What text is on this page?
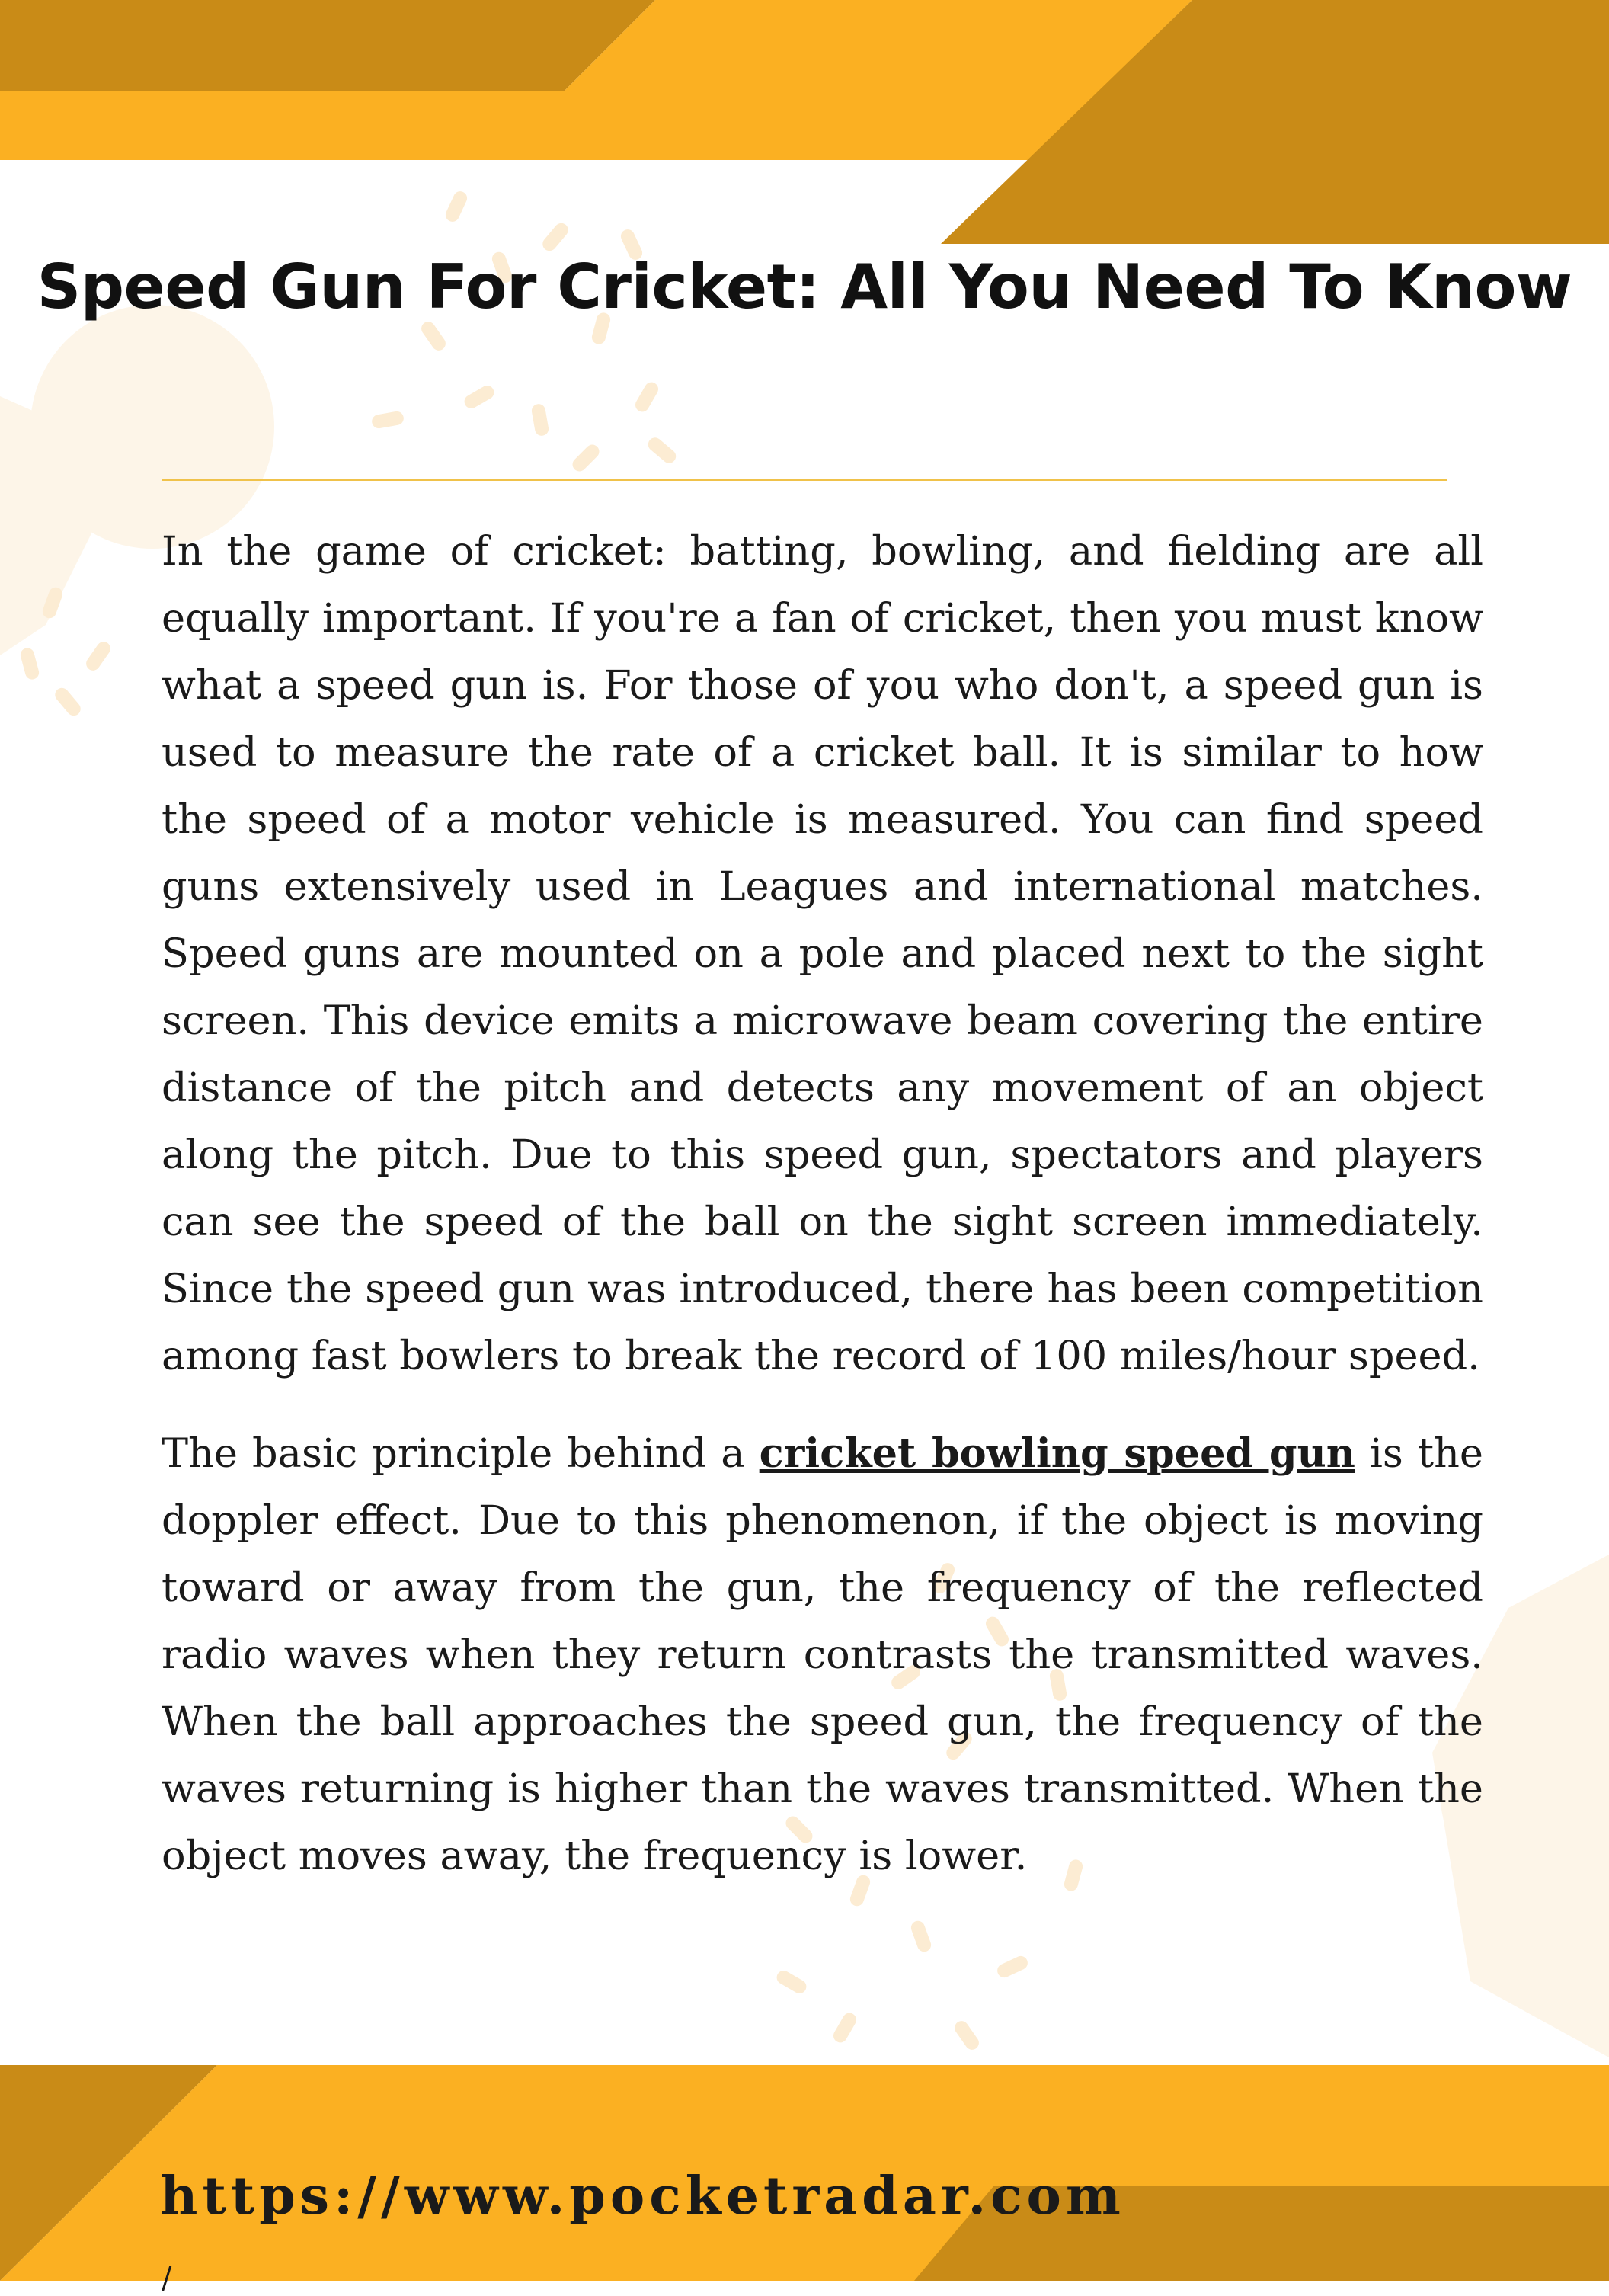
Speed Gun For Cricket: All You Need To Know

In the game of cricket: batting, bowling, and fielding are all equally important. If you're a fan of cricket, then you must know what a speed gun is. For those of you who don't, a speed gun is used to measure the rate of a cricket ball. It is similar to how the speed of a motor vehicle is measured. You can find speed guns extensively used in Leagues and international matches. Speed guns are mounted on a pole and placed next to the sight screen. This device emits a microwave beam covering the entire distance of the pitch and detects any movement of an object along the pitch. Due to this speed gun, spectators and players can see the speed of the ball on the sight screen immediately. Since the speed gun was introduced, there has been competition among fast bowlers to break the record of 100 miles/hour speed.

The basic principle behind a cricket bowling speed gun is the doppler effect. Due to this phenomenon, if the object is moving toward or away from the gun, the frequency of the reflected radio waves when they return contrasts the transmitted waves. When the ball approaches the speed gun, the frequency of the waves returning is higher than the waves transmitted. When the object moves away, the frequency is lower.

https://www.pocketradar.com
/
